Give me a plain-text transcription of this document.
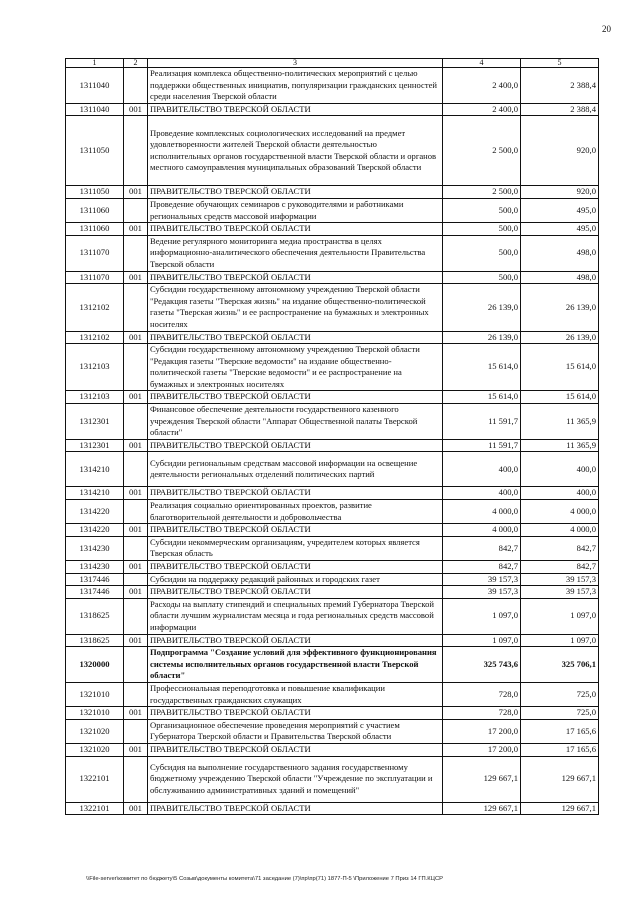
20
1	2	3	4	5
1311040		Реализация комплекса общественно-политических мероприятий с целью поддержки общественных инициатив, популяризации гражданских ценностей среди населения Тверской области	2 400,0	2 388,4
1311040	001	ПРАВИТЕЛЬСТВО ТВЕРСКОЙ ОБЛАСТИ	2 400,0	2 388,4
1311050		Проведение комплексных социологических исследований на предмет удовлетворенности жителей Тверской области деятельностью исполнительных органов государственной власти Тверской области и органов местного самоуправления муниципальных образований Тверской области	2 500,0	920,0
1311050	001	ПРАВИТЕЛЬСТВО ТВЕРСКОЙ ОБЛАСТИ	2 500,0	920,0
1311060		Проведение обучающих семинаров с руководителями и работниками региональных средств массовой информации	500,0	495,0
1311060	001	ПРАВИТЕЛЬСТВО ТВЕРСКОЙ ОБЛАСТИ	500,0	495,0
1311070		Ведение регулярного мониторинга медиа пространства в целях информационно-аналитического обеспечения деятельности Правительства Тверской области	500,0	498,0
1311070	001	ПРАВИТЕЛЬСТВО ТВЕРСКОЙ ОБЛАСТИ	500,0	498,0
1312102		Субсидии государственному автономному учреждению Тверской области "Редакция газеты "Тверская жизнь" на издание общественно-политической газеты "Тверская жизнь" и ее распространение на бумажных и электронных носителях	26 139,0	26 139,0
1312102	001	ПРАВИТЕЛЬСТВО ТВЕРСКОЙ ОБЛАСТИ	26 139,0	26 139,0
1312103		Субсидии государственному автономному учреждению Тверской области "Редакция газеты "Тверские ведомости" на издание общественно-политической газеты "Тверские ведомости" и ее распространение на бумажных и электронных носителях	15 614,0	15 614,0
1312103	001	ПРАВИТЕЛЬСТВО ТВЕРСКОЙ ОБЛАСТИ	15 614,0	15 614,0
1312301		Финансовое обеспечение деятельности государственного казенного учреждения Тверской области "Аппарат Общественной палаты Тверской области"	11 591,7	11 365,9
1312301	001	ПРАВИТЕЛЬСТВО ТВЕРСКОЙ ОБЛАСТИ	11 591,7	11 365,9
1314210		Субсидии региональным средствам массовой информации на освещение деятельности региональных отделений политических партий	400,0	400,0
1314210	001	ПРАВИТЕЛЬСТВО ТВЕРСКОЙ ОБЛАСТИ	400,0	400,0
1314220		Реализация социально ориентированных проектов, развитие благотворительной деятельности и добровольчества	4 000,0	4 000,0
1314220	001	ПРАВИТЕЛЬСТВО ТВЕРСКОЙ ОБЛАСТИ	4 000,0	4 000,0
1314230		Субсидии некоммерческим организациям, учредителем которых является Тверская область	842,7	842,7
1314230	001	ПРАВИТЕЛЬСТВО ТВЕРСКОЙ ОБЛАСТИ	842,7	842,7
1317446		Субсидии на поддержку редакций районных и городских газет	39 157,3	39 157,3
1317446	001	ПРАВИТЕЛЬСТВО ТВЕРСКОЙ ОБЛАСТИ	39 157,3	39 157,3
1318625		Расходы на выплату стипендий и специальных премий Губернатора Тверской области лучшим журналистам месяца и года региональных средств массовой информации	1 097,0	1 097,0
1318625	001	ПРАВИТЕЛЬСТВО ТВЕРСКОЙ ОБЛАСТИ	1 097,0	1 097,0
1320000		Подпрограмма "Создание условий для эффективного функционирования системы исполнительных органов государственной власти Тверской области"	325 743,6	325 706,1
1321010		Профессиональная переподготовка и повышение квалификации государственных гражданских служащих	728,0	725,0
1321010	001	ПРАВИТЕЛЬСТВО ТВЕРСКОЙ ОБЛАСТИ	728,0	725,0
1321020		Организационное обеспечение проведения мероприятий с участием Губернатора Тверской области и Правительства Тверской области	17 200,0	17 165,6
1321020	001	ПРАВИТЕЛЬСТВО ТВЕРСКОЙ ОБЛАСТИ	17 200,0	17 165,6
1322101		Субсидия на выполнение государственного задания государственному бюджетному учреждению Тверской области "Учреждение по эксплуатации и обслуживанию административных зданий и помещений"	129 667,1	129 667,1
1322101	001	ПРАВИТЕЛЬСТВО ТВЕРСКОЙ ОБЛАСТИ	129 667,1	129 667,1
\\File-server\комитет по бюджету\5 Созыв\документы комитета\71 заседание (7)\пр\пр(71) 1877-П-5 \Приложение 7 Приз 14 ГП.КЦСР
